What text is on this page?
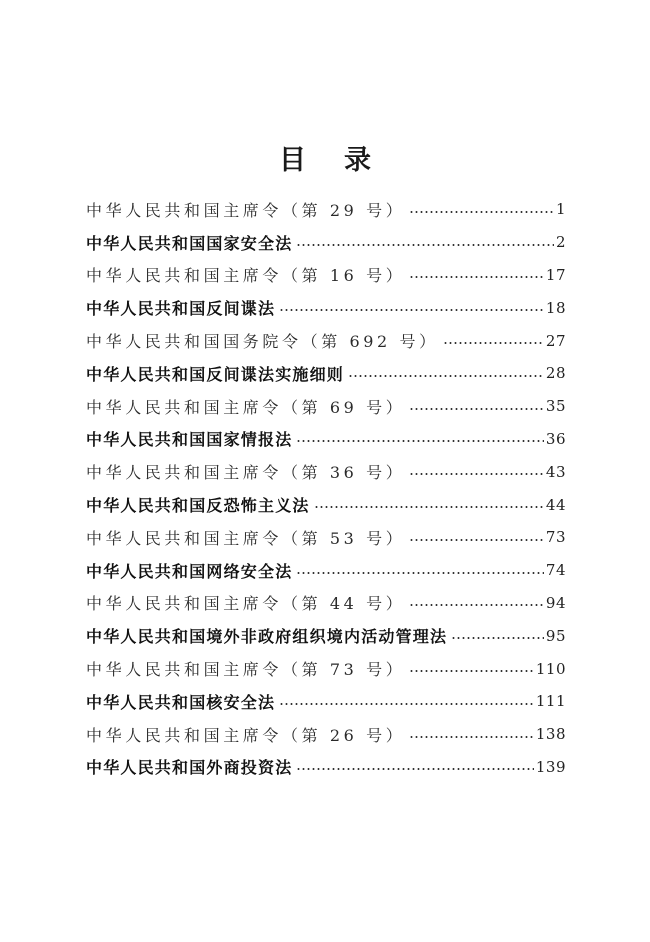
目录
中华人民共和国主席令（第 29 号）	1
中华人民共和国国家安全法	2
中华人民共和国主席令（第 16 号）	17
中华人民共和国反间谍法	18
中华人民共和国国务院令（第 692 号）	27
中华人民共和国反间谍法实施细则	28
中华人民共和国主席令（第 69 号）	35
中华人民共和国国家情报法	36
中华人民共和国主席令（第 36 号）	43
中华人民共和国反恐怖主义法	44
中华人民共和国主席令（第 53 号）	73
中华人民共和国网络安全法	74
中华人民共和国主席令（第 44 号）	94
中华人民共和国境外非政府组织境内活动管理法	95
中华人民共和国主席令（第 73 号）	110
中华人民共和国核安全法	111
中华人民共和国主席令（第 26 号）	138
中华人民共和国外商投资法	139
